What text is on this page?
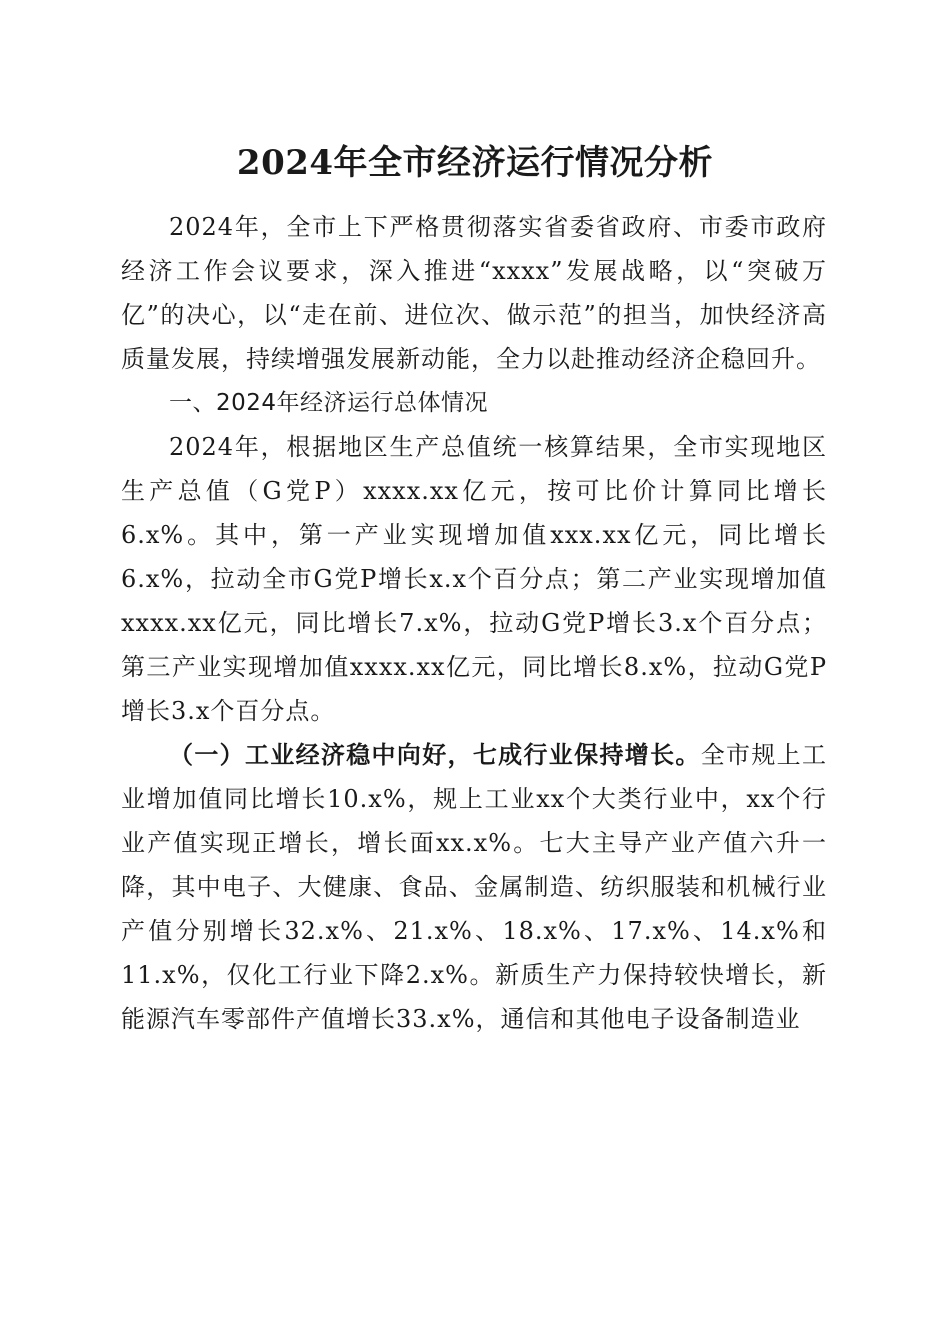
2024年全市经济运行情况分析

2024年，全市上下严格贯彻落实省委省政府、市委市政府经济工作会议要求，深入推进“xxxx”发展战略，以“突破万亿”的决心，以“走在前、进位次、做示范”的担当，加快经济高质量发展，持续增强发展新动能，全力以赴推动经济企稳回升。

一、2024年经济运行总体情况

2024年，根据地区生产总值统一核算结果，全市实现地区生产总值（G党P）xxxx.xx亿元，按可比价计算同比增长6.x%。其中，第一产业实现增加值xxx.xx亿元，同比增长6.x%，拉动全市G党P增长x.x个百分点；第二产业实现增加值xxxx.xx亿元，同比增长7.x%，拉动G党P增长3.x个百分点；第三产业实现增加值xxxx.xx亿元，同比增长8.x%，拉动G党P增长3.x个百分点。

（一）工业经济稳中向好，七成行业保持增长。全市规上工业增加值同比增长10.x%，规上工业xx个大类行业中，xx个行业产值实现正增长，增长面xx.x%。七大主导产业产值六升一降，其中电子、大健康、食品、金属制造、纺织服装和机械行业产值分别增长32.x%、21.x%、18.x%、17.x%、14.x%和11.x%，仅化工行业下降2.x%。新质生产力保持较快增长，新能源汽车零部件产值增长33.x%，通信和其他电子设备制造业
